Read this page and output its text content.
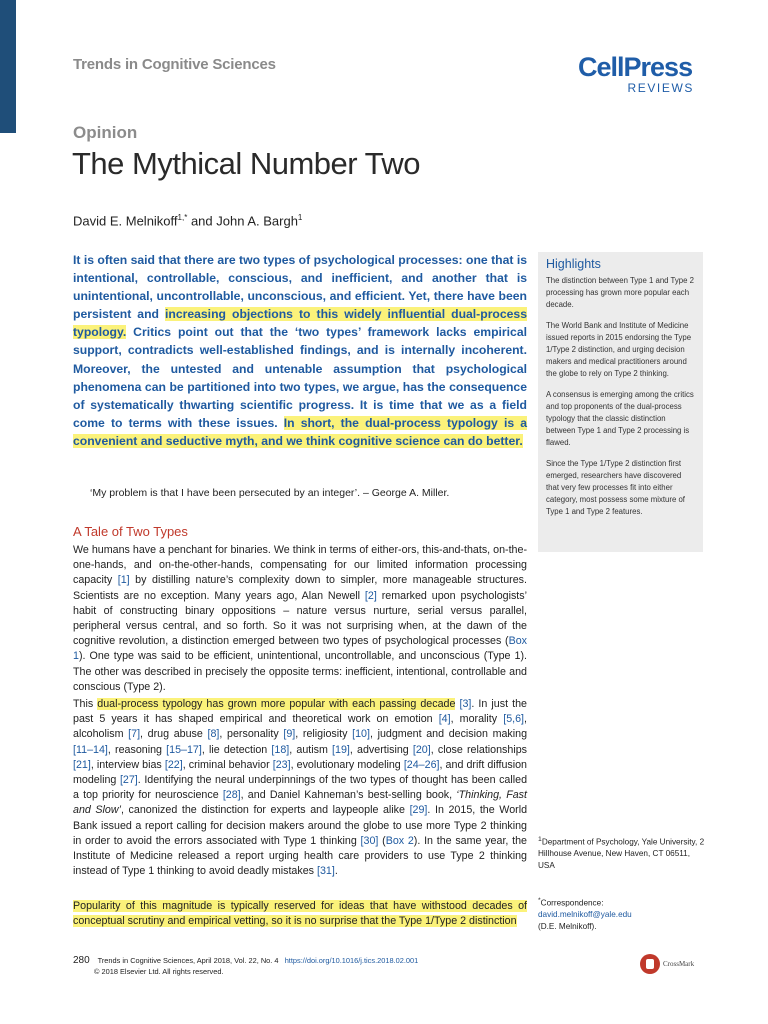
Trends in Cognitive Sciences	CellPress
REVIEWS
Opinion
The Mythical Number Two
David E. Melnikoff$^{1,*}$ and John A. Bargh$^1$
It is often said that there are two types of psychological processes: one that is intentional, controllable, conscious, and inefficient, and another that is unintentional, uncontrollable, unconscious, and efficient. Yet, there have been persistent and increasing objections to this widely influential dual-process typology. Critics point out that the ‘two types’ framework lacks empirical support, contradicts well-established findings, and is internally incoherent. Moreover, the untested and untenable assumption that psychological phenomena can be partitioned into two types, we argue, has the consequence of systematically thwarting scientific progress. It is time that we as a field come to terms with these issues. In short, the dual-process typology is a convenient and seductive myth, and we think cognitive science can do better.
‘My problem is that I have been persecuted by an integer’. – George A. Miller.
A Tale of Two Types

We humans have a penchant for binaries. We think in terms of either-ors, this-and-thats, on-the-one-hands, and on-the-other-hands, compensating for our limited information processing capacity [1] by distilling nature’s complexity down to simpler, more manageable structures. Scientists are no exception. Many years ago, Alan Newell [2] remarked upon psychologists’ habit of constructing binary oppositions – nature versus nurture, serial versus parallel, peripheral versus central, and so forth. So it was not surprising when, at the dawn of the cognitive revolution, a distinction emerged between two types of psychological processes (Box 1). One type was said to be efficient, unintentional, uncontrollable, and unconscious (Type 1). The other was described in precisely the opposite terms: inefficient, intentional, controllable and conscious (Type 2).

This dual-process typology has grown more popular with each passing decade [3]. In just the past 5 years it has shaped empirical and theoretical work on emotion [4], morality [5,6], alcoholism [7], drug abuse [8], personality [9], religiosity [10], judgment and decision making [11–14], reasoning [15–17], lie detection [18], autism [19], advertising [20], close relationships [21], interview bias [22], criminal behavior [23], evolutionary modeling [24–26], and drift diffusion modeling [27]. Identifying the neural underpinnings of the two types of thought has been called a top priority for neuroscience [28], and Daniel Kahneman’s best-selling book, ‘Thinking, Fast and Slow’, canonized the distinction for experts and laypeople alike [29]. In 2015, the World Bank issued a report calling for decision makers around the globe to use more Type 2 thinking in order to avoid the errors associated with Type 1 thinking [30] (Box 2). In the same year, the Institute of Medicine released a report urging health care providers to use Type 2 thinking instead of Type 1 thinking to avoid deadly mistakes [31].

Popularity of this magnitude is typically reserved for ideas that have withstood decades of conceptual scrutiny and empirical vetting, so it is no surprise that the Type 1/Type 2 distinction

Highlights
The distinction between Type 1 and Type 2 processing has grown more popular each decade.
The World Bank and Institute of Medicine issued reports in 2015 endorsing the Type 1/Type 2 distinction, and urging decision makers and medical practitioners around the globe to rely on Type 2 thinking.
A consensus is emerging among the critics and top proponents of the dual-process typology that the classic distinction between Type 1 and Type 2 processing is flawed.
Since the Type 1/Type 2 distinction first emerged, researchers have discovered that very few processes fit into either category, most possess some mixture of Type 1 and Type 2 features.
$^1$Department of Psychology, Yale University, 2 Hillhouse Avenue, New Haven, CT 06511, USA
*Correspondence:
david.melnikoff@yale.edu
(D.E. Melnikoff).
280 Trends in Cognitive Sciences, April 2018, Vol. 22, No. 4 https://doi.org/10.1016/j.tics.2018.02.001
© 2018 Elsevier Ltd. All rights reserved.
CrossMark
